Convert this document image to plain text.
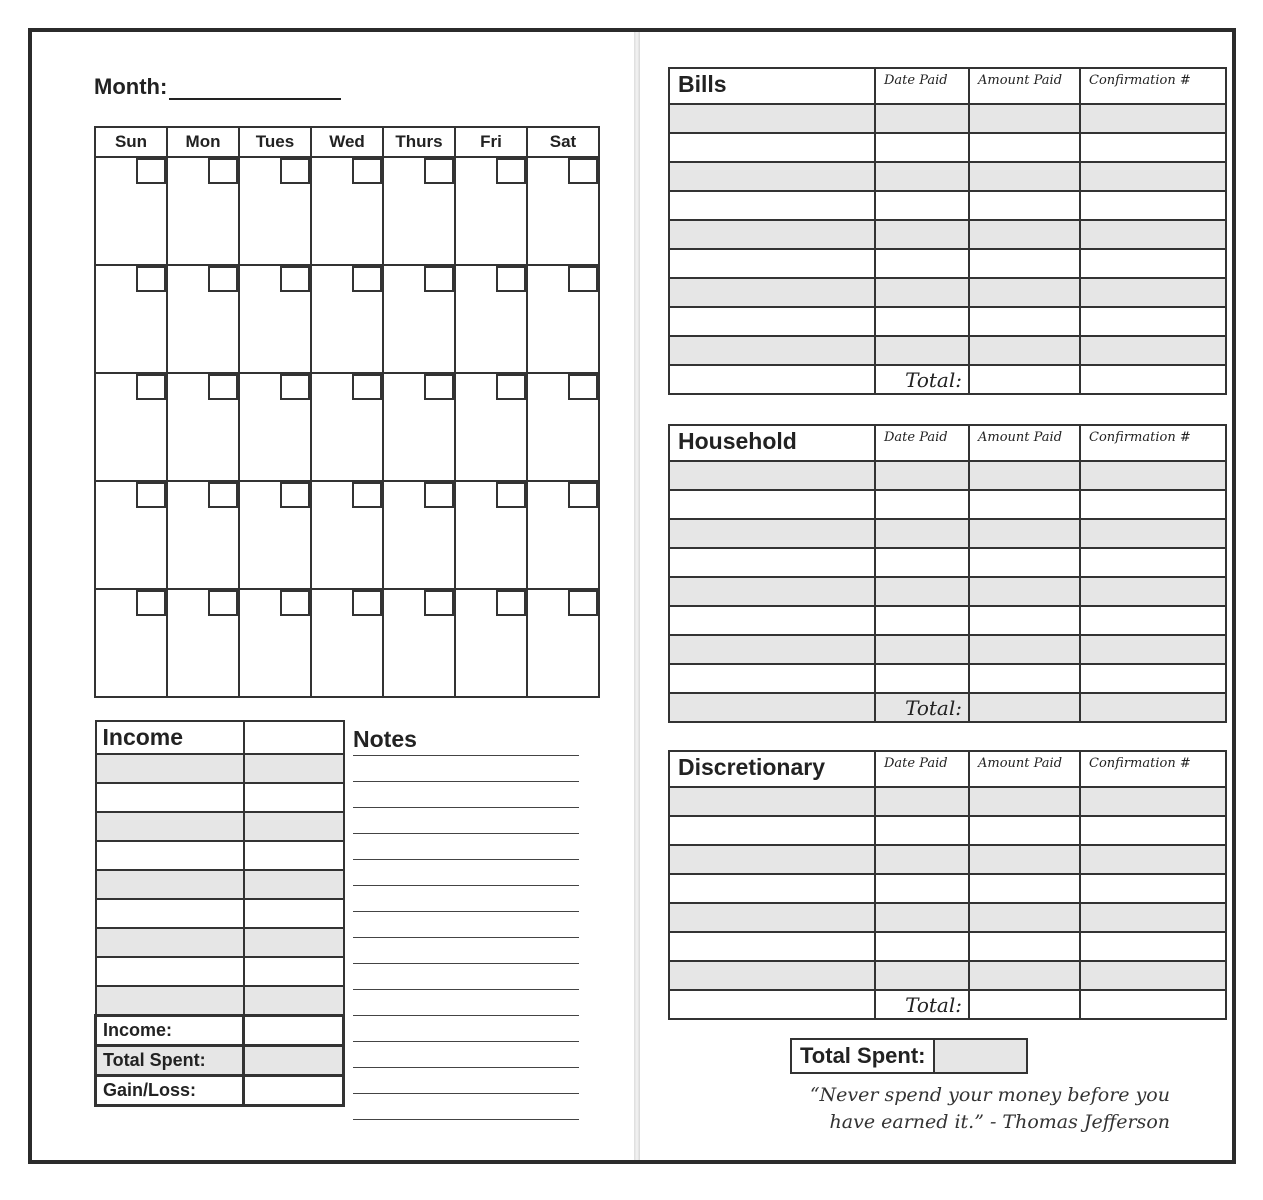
Month:
Sun	Mon	Tues	Wed	Thurs	Fri	Sat

Income	

Income:	
Total Spent:	
Gain/Loss:	
Notes
Bills	Date Paid	Amount Paid	Confirmation #

	Total:		
Household	Date Paid	Amount Paid	Confirmation #

	Total:		
Discretionary	Date Paid	Amount Paid	Confirmation #

	Total:		
Total Spent:	
“Never spend your money before you
have earned it.” - Thomas Jefferson
